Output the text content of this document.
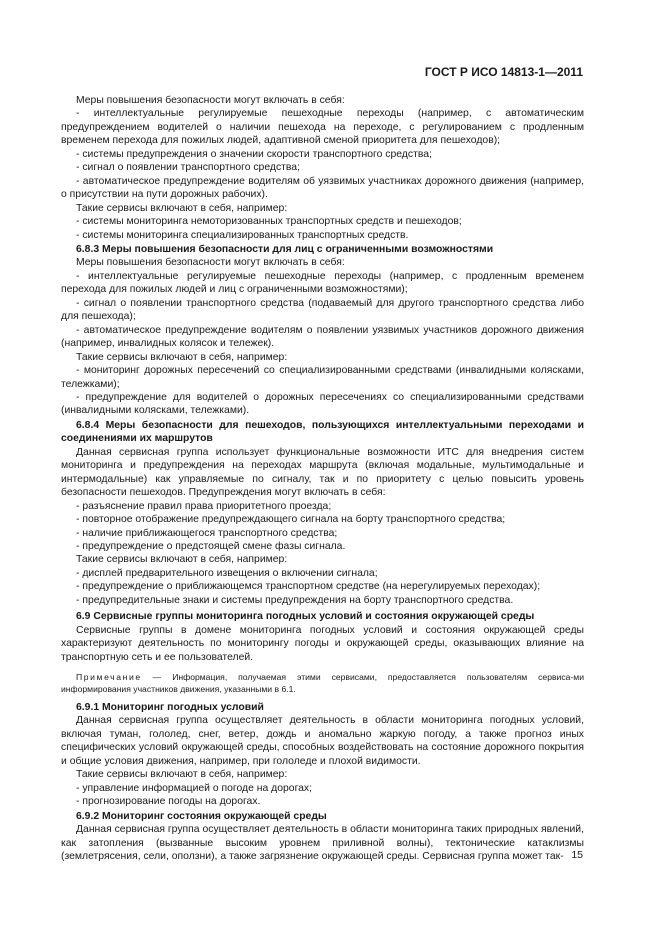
ГОСТ Р ИСО 14813-1—2011

Меры повышения безопасности могут включать в себя:

- интеллектуальные регулируемые пешеходные переходы (например, с автоматическим предупреждением водителей о наличии пешехода на переходе, с регулированием с продленным временем перехода для пожилых людей, адаптивной сменой приоритета для пешеходов);

- системы предупреждения о значении скорости транспортного средства;

- сигнал о появлении транспортного средства;

- автоматическое предупреждение водителям об уязвимых участниках дорожного движения (например, о присутствии на пути дорожных рабочих).

Такие сервисы включают в себя, например:

- системы мониторинга немоторизованных транспортных средств и пешеходов;

- системы мониторинга специализированных транспортных средств.

6.8.3 Меры повышения безопасности для лиц с ограниченными возможностями

Меры повышения безопасности могут включать в себя:

- интеллектуальные регулируемые пешеходные переходы (например, с продленным временем перехода для пожилых людей и лиц с ограниченными возможностями);

- сигнал о появлении транспортного средства (подаваемый для другого транспортного средства либо для пешехода);

- автоматическое предупреждение водителям о появлении уязвимых участников дорожного движения (например, инвалидных колясок и тележек).

Такие сервисы включают в себя, например:

- мониторинг дорожных пересечений со специализированными средствами (инвалидными колясками, тележками);

- предупреждение для водителей о дорожных пересечениях со специализированными средствами (инвалидными колясками, тележками).

6.8.4 Меры безопасности для пешеходов, пользующихся интеллектуальными переходами и соединениями их маршрутов

Данная сервисная группа использует функциональные возможности ИТС для внедрения систем мониторинга и предупреждения на переходах маршрута (включая модальные, мультимодальные и интермодальные) как управляемые по сигналу, так и по приоритету с целью повысить уровень безопасности пешеходов. Предупреждения могут включать в себя:

- разъяснение правил права приоритетного проезда;

- повторное отображение предупреждающего сигнала на борту транспортного средства;

- наличие приближающегося транспортного средства;

- предупреждение о предстоящей смене фазы сигнала.

Такие сервисы включают в себя, например:

- дисплей предварительного извещения о включении сигнала;

- предупреждение о приближающемся транспортном средстве (на нерегулируемых переходах);

- предупредительные знаки и системы предупреждения на борту транспортного средства.

6.9 Сервисные группы мониторинга погодных условий и состояния окружающей среды

Сервисные группы в домене мониторинга погодных условий и состояния окружающей среды характеризуют деятельность по мониторингу погоды и окружающей среды, оказывающих влияние на транспортную сеть и ее пользователей.

Примечание — Информация, получаемая этими сервисами, предоставляется пользователям сервиса-ми информирования участников движения, указанными в 6.1.

6.9.1 Мониторинг погодных условий

Данная сервисная группа осуществляет деятельность в области мониторинга погодных условий, включая туман, гололед, снег, ветер, дождь и аномально жаркую погоду, а также прогноз иных специфических условий окружающей среды, способных воздействовать на состояние дорожного покрытия и общие условия движения, например, при гололеде и плохой видимости.

Такие сервисы включают в себя, например:

- управление информацией о погоде на дорогах;

- прогнозирование погоды на дорогах.

6.9.2 Мониторинг состояния окружающей среды

Данная сервисная группа осуществляет деятельность в области мониторинга таких природных явлений, как затопления (вызванные высоким уровнем приливной волны), тектонические катаклизмы (землетрясения, сели, оползни), а также загрязнение окружающей среды. Сервисная группа может так- 15
